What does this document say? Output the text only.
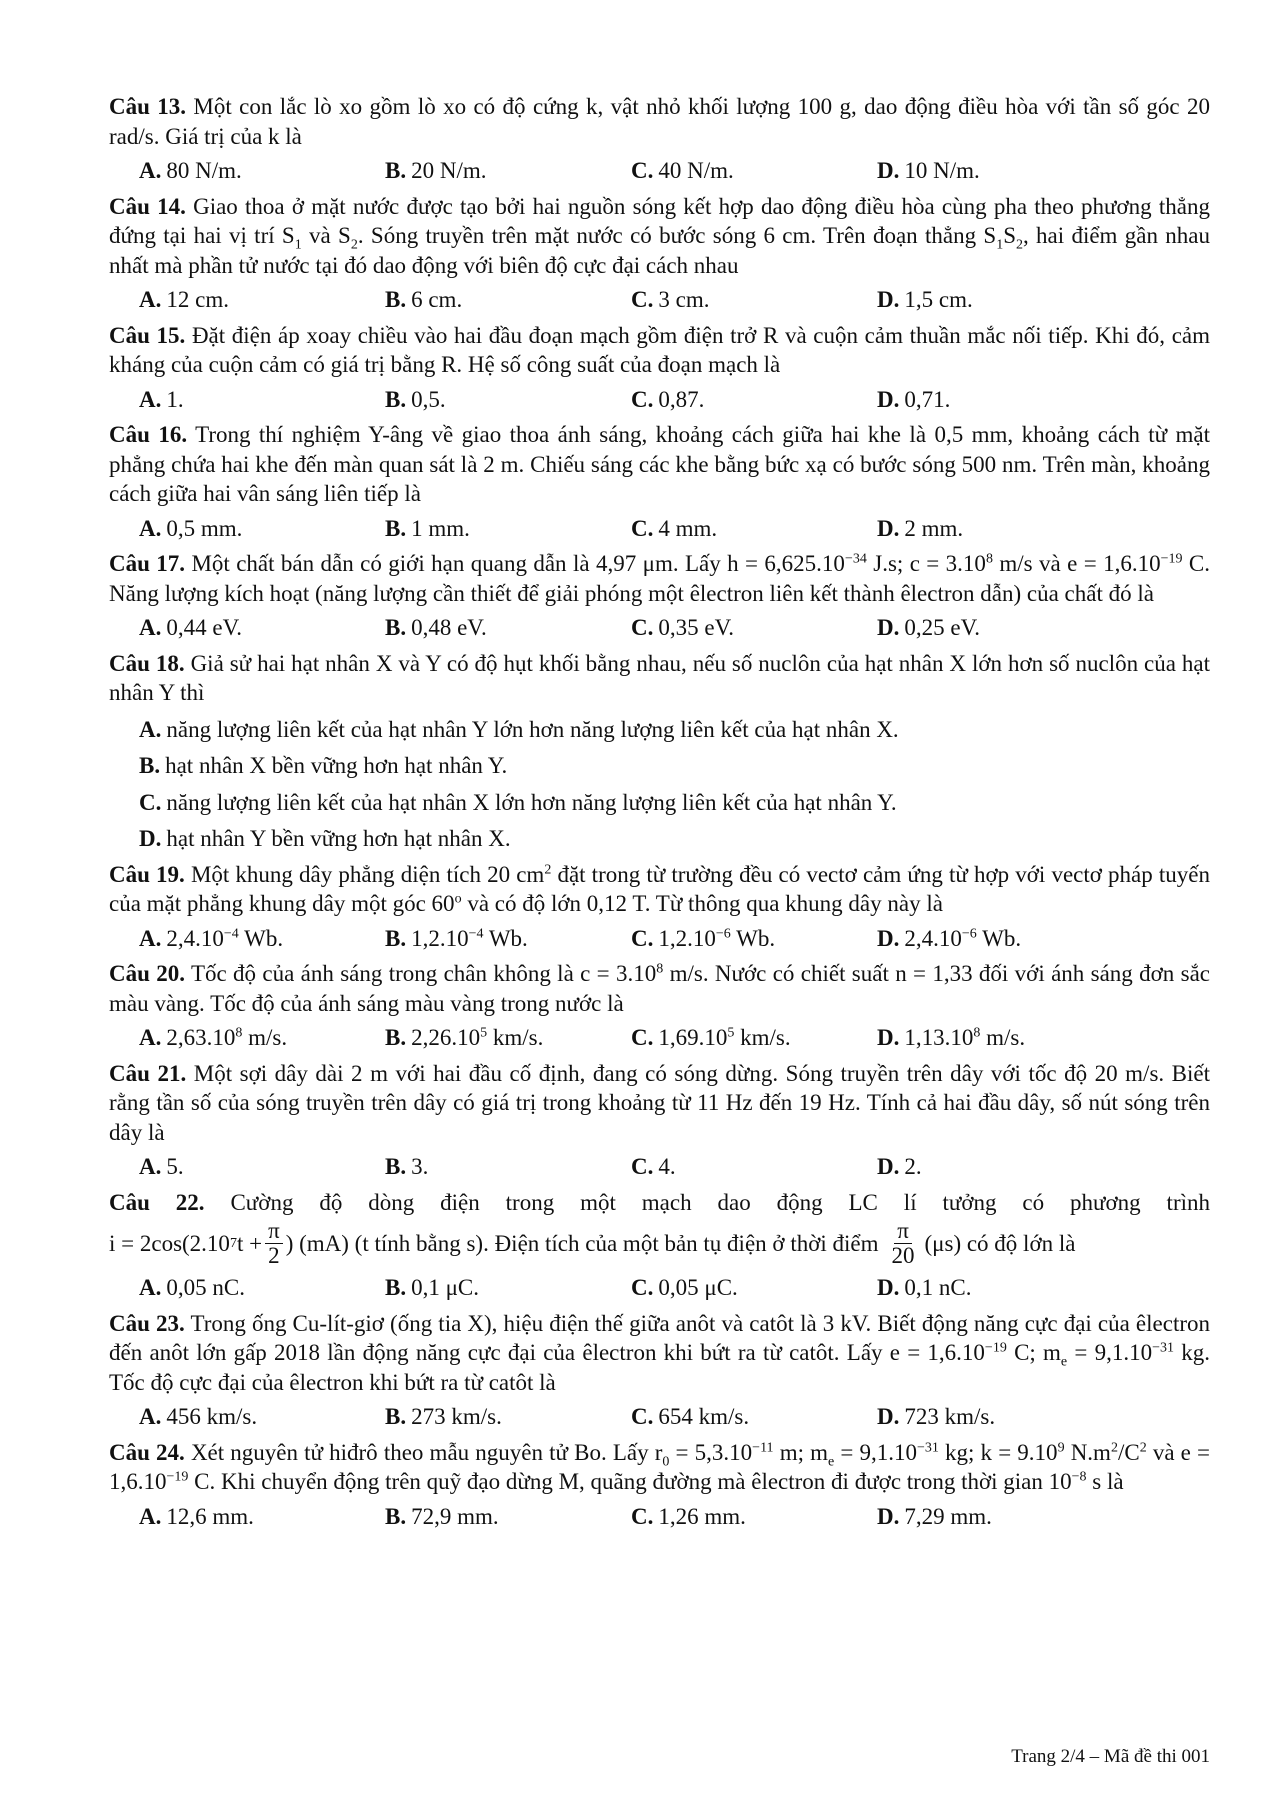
Câu 13. Một con lắc lò xo gồm lò xo có độ cứng k, vật nhỏ khối lượng 100 g, dao động điều hòa với tần số góc 20 rad/s. Giá trị của k là
A. 80 N/m.	B. 20 N/m.	C. 40 N/m.	D. 10 N/m.
Câu 14. Giao thoa ở mặt nước được tạo bởi hai nguồn sóng kết hợp dao động điều hòa cùng pha theo phương thẳng đứng tại hai vị trí $S_1$ và $S_2$. Sóng truyền trên mặt nước có bước sóng 6 cm. Trên đoạn thẳng $S_1S_2$, hai điểm gần nhau nhất mà phần tử nước tại đó dao động với biên độ cực đại cách nhau
A. 12 cm.	B. 6 cm.	C. 3 cm.	D. 1,5 cm.
Câu 15. Đặt điện áp xoay chiều vào hai đầu đoạn mạch gồm điện trở R và cuộn cảm thuần mắc nối tiếp. Khi đó, cảm kháng của cuộn cảm có giá trị bằng R. Hệ số công suất của đoạn mạch là
A. 1.	B. 0,5.	C. 0,87.	D. 0,71.
Câu 16. Trong thí nghiệm Y-âng về giao thoa ánh sáng, khoảng cách giữa hai khe là 0,5 mm, khoảng cách từ mặt phẳng chứa hai khe đến màn quan sát là 2 m. Chiếu sáng các khe bằng bức xạ có bước sóng 500 nm. Trên màn, khoảng cách giữa hai vân sáng liên tiếp là
A. 0,5 mm.	B. 1 mm.	C. 4 mm.	D. 2 mm.
Câu 17. Một chất bán dẫn có giới hạn quang dẫn là 4,97 μm. Lấy $h = 6,625.10^{-34}$ J.s; $c = 3.10^8$ m/s và $e = 1,6.10^{-19}$ C. Năng lượng kích hoạt (năng lượng cần thiết để giải phóng một êlectron liên kết thành êlectron dẫn) của chất đó là
A. 0,44 eV.	B. 0,48 eV.	C. 0,35 eV.	D. 0,25 eV.
Câu 18. Giả sử hai hạt nhân X và Y có độ hụt khối bằng nhau, nếu số nuclôn của hạt nhân X lớn hơn số nuclôn của hạt nhân Y thì
A. năng lượng liên kết của hạt nhân Y lớn hơn năng lượng liên kết của hạt nhân X.
B. hạt nhân X bền vững hơn hạt nhân Y.
C. năng lượng liên kết của hạt nhân X lớn hơn năng lượng liên kết của hạt nhân Y.
D. hạt nhân Y bền vững hơn hạt nhân X.
Câu 19. Một khung dây phẳng diện tích 20 $cm^2$ đặt trong từ trường đều có vectơ cảm ứng từ hợp với vectơ pháp tuyến của mặt phẳng khung dây một góc 60$^o$ và có độ lớn 0,12 T. Từ thông qua khung dây này là
A. $2,4.10^{-4}$ Wb.	B. $1,2.10^{-4}$ Wb.	C. $1,2.10^{-6}$ Wb.	D. $2,4.10^{-6}$ Wb.
Câu 20. Tốc độ của ánh sáng trong chân không là $c = 3.10^8$ m/s. Nước có chiết suất n = 1,33 đối với ánh sáng đơn sắc màu vàng. Tốc độ của ánh sáng màu vàng trong nước là
A. 2,63.10$^8$ m/s.	B. 2,26.10$^5$ km/s.	C. 1,69.10$^5$ km/s.	D. 1,13.10$^8$ m/s.
Câu 21. Một sợi dây dài 2 m với hai đầu cố định, đang có sóng dừng. Sóng truyền trên dây với tốc độ 20 m/s. Biết rằng tần số của sóng truyền trên dây có giá trị trong khoảng từ 11 Hz đến 19 Hz. Tính cả hai đầu dây, số nút sóng trên dây là
A. 5.	B. 3.	C. 4.	D. 2.
Câu 22. Cường độ dòng điện trong một mạch dao động LC lí tưởng có phương trình
i = 2cos(2.10 7 $t + \frac{\pi}{2}$ ) (mA) (t tính bằng s). Điện tích của một bản tụ điện ở thời điểm $\frac{\pi}{20} (\mu s)$ có độ lớn là
A. 0,05 nC.	B. 0,1 μC.	C. 0,05 μC.	D. 0,1 nC.
Câu 23. Trong ống Cu-lít-giơ (ống tia X), hiệu điện thế giữa anôt và catôt là 3 kV. Biết động năng cực đại của êlectron đến anôt lớn gấp 2018 lần động năng cực đại của êlectron khi bứt ra từ catôt. Lấy $e = 1,6.10^{-19}$ C; $m_e = 9,1.10^{-31}$ kg. Tốc độ cực đại của êlectron khi bứt ra từ catôt là
A. 456 km/s.	B. 273 km/s.	C. 654 km/s.	D. 723 km/s.
Câu 24. Xét nguyên tử hiđrô theo mẫu nguyên tử Bo. Lấy $r_0 = 5,3.10^{-11}$ m; $m_e = 9,1.10^{-31}$ kg; $k = 9.10^9$ $N.m^2/C^2$ và $e = 1,6.10^{-19}$ C. Khi chuyển động trên quỹ đạo dừng M, quãng đường mà êlectron đi được trong thời gian $10^{-8}$ s là
A. 12,6 mm.	B. 72,9 mm.	C. 1,26 mm.	D. 7,29 mm.
Trang 2/4 – Mã đề thi 001
